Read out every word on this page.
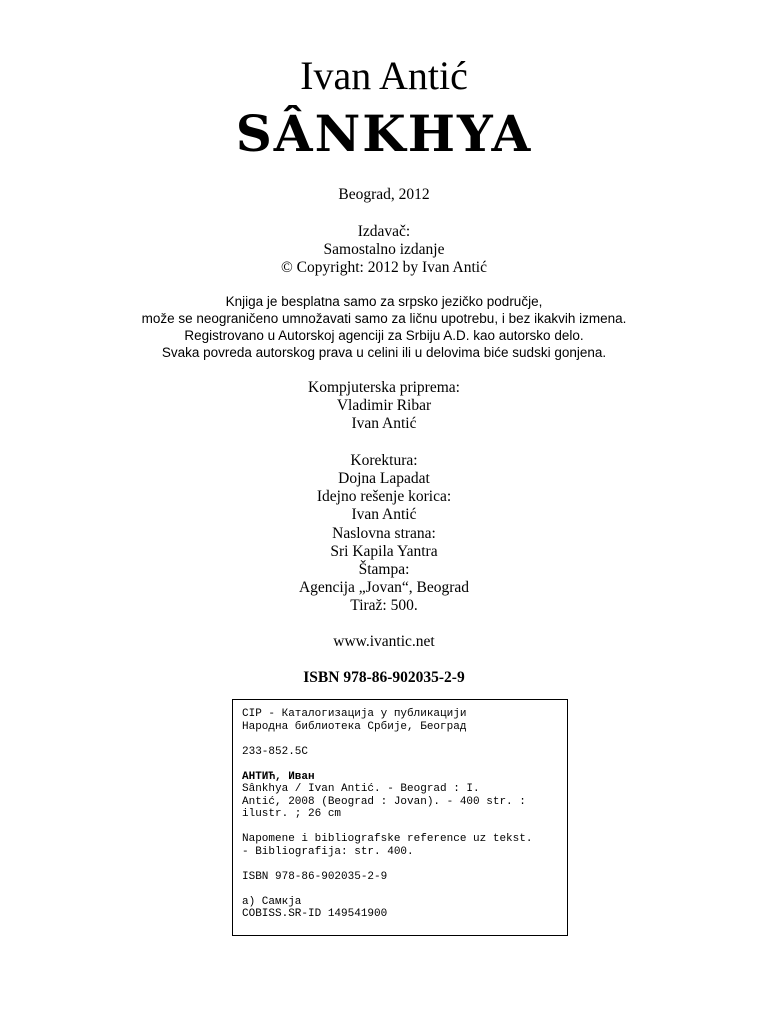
Ivan Antić
SÂNKHYA
Beograd, 2012
Izdavač:
Samostalno izdanje
© Copyright: 2012 by Ivan Antić
Knjiga je besplatna samo za srpsko jezičko područje,
može se neograničeno umnožavati samo za ličnu upotrebu, i bez ikakvih izmena.
Registrovano u Autorskoj agenciji za Srbiju A.D. kao autorsko delo.
Svaka povreda autorskog prava u celini ili u delovima biće sudski gonjena.
Kompjuterska priprema:
Vladimir Ribar
Ivan Antić
Korektura:
Dojna Lapadat
Idejno rešenje korica:
Ivan Antić
Naslovna strana:
Sri Kapila Yantra
Štampa:
Agencija „Jovan“, Beograd
Tiraž: 500.
www.ivantic.net
ISBN 978-86-902035-2-9
CIP - Каталогизација у публикацији
Народна библиотека Србије, Београд
233-852.5C
АНТИЋ, Иван
Sânkhya / Ivan Antić. - Beograd : I.
Antić, 2008 (Beograd : Jovan). - 400 str. :
ilustr. ; 26 cm
Napomene i bibliografske reference uz tekst.
- Bibliografija: str. 400.
ISBN 978-86-902035-2-9
а) Самкја
COBISS.SR-ID 149541900
